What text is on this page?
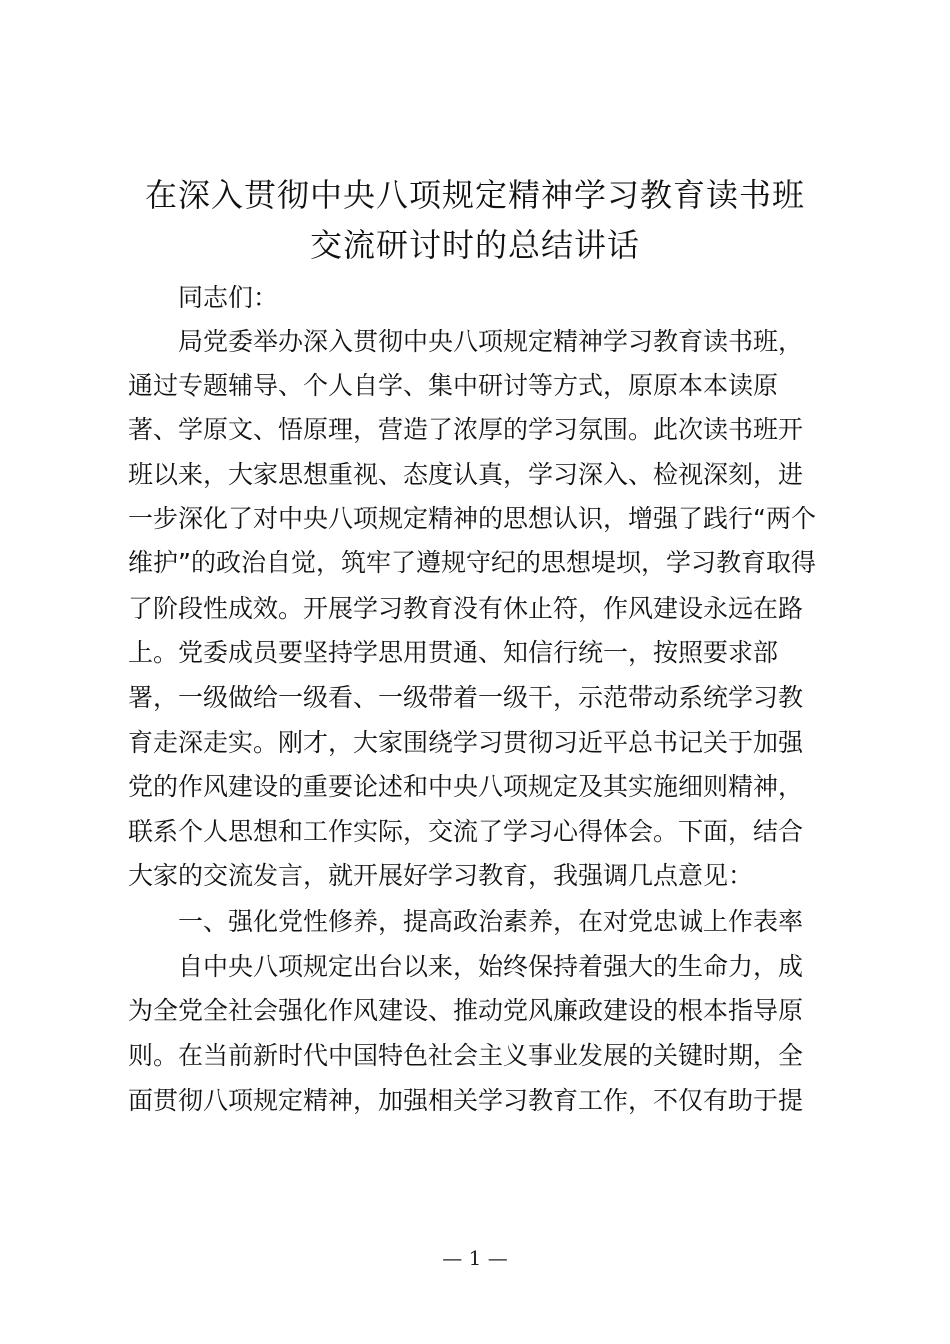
在深入贯彻中央八项规定精神学习教育读书班
交流研讨时的总结讲话
同志们：
局党委举办深入贯彻中央八项规定精神学习教育读书班，
通过专题辅导、个人自学、集中研讨等方式，原原本本读原
著、学原文、悟原理，营造了浓厚的学习氛围。此次读书班开
班以来，大家思想重视、态度认真，学习深入、检视深刻，进
一步深化了对中央八项规定精神的思想认识，增强了践行“两个
维护”的政治自觉，筑牢了遵规守纪的思想堤坝，学习教育取得
了阶段性成效。开展学习教育没有休止符，作风建设永远在路
上。党委成员要坚持学思用贯通、知信行统一，按照要求部
署，一级做给一级看、一级带着一级干，示范带动系统学习教
育走深走实。刚才，大家围绕学习贯彻习近平总书记关于加强
党的作风建设的重要论述和中央八项规定及其实施细则精神，
联系个人思想和工作实际，交流了学习心得体会。下面，结合
大家的交流发言，就开展好学习教育，我强调几点意见：
一、强化党性修养，提高政治素养，在对党忠诚上作表率
自中央八项规定出台以来，始终保持着强大的生命力，成
为全党全社会强化作风建设、推动党风廉政建设的根本指导原
则。在当前新时代中国特色社会主义事业发展的关键时期，全
面贯彻八项规定精神，加强相关学习教育工作，不仅有助于提
— 1 —
